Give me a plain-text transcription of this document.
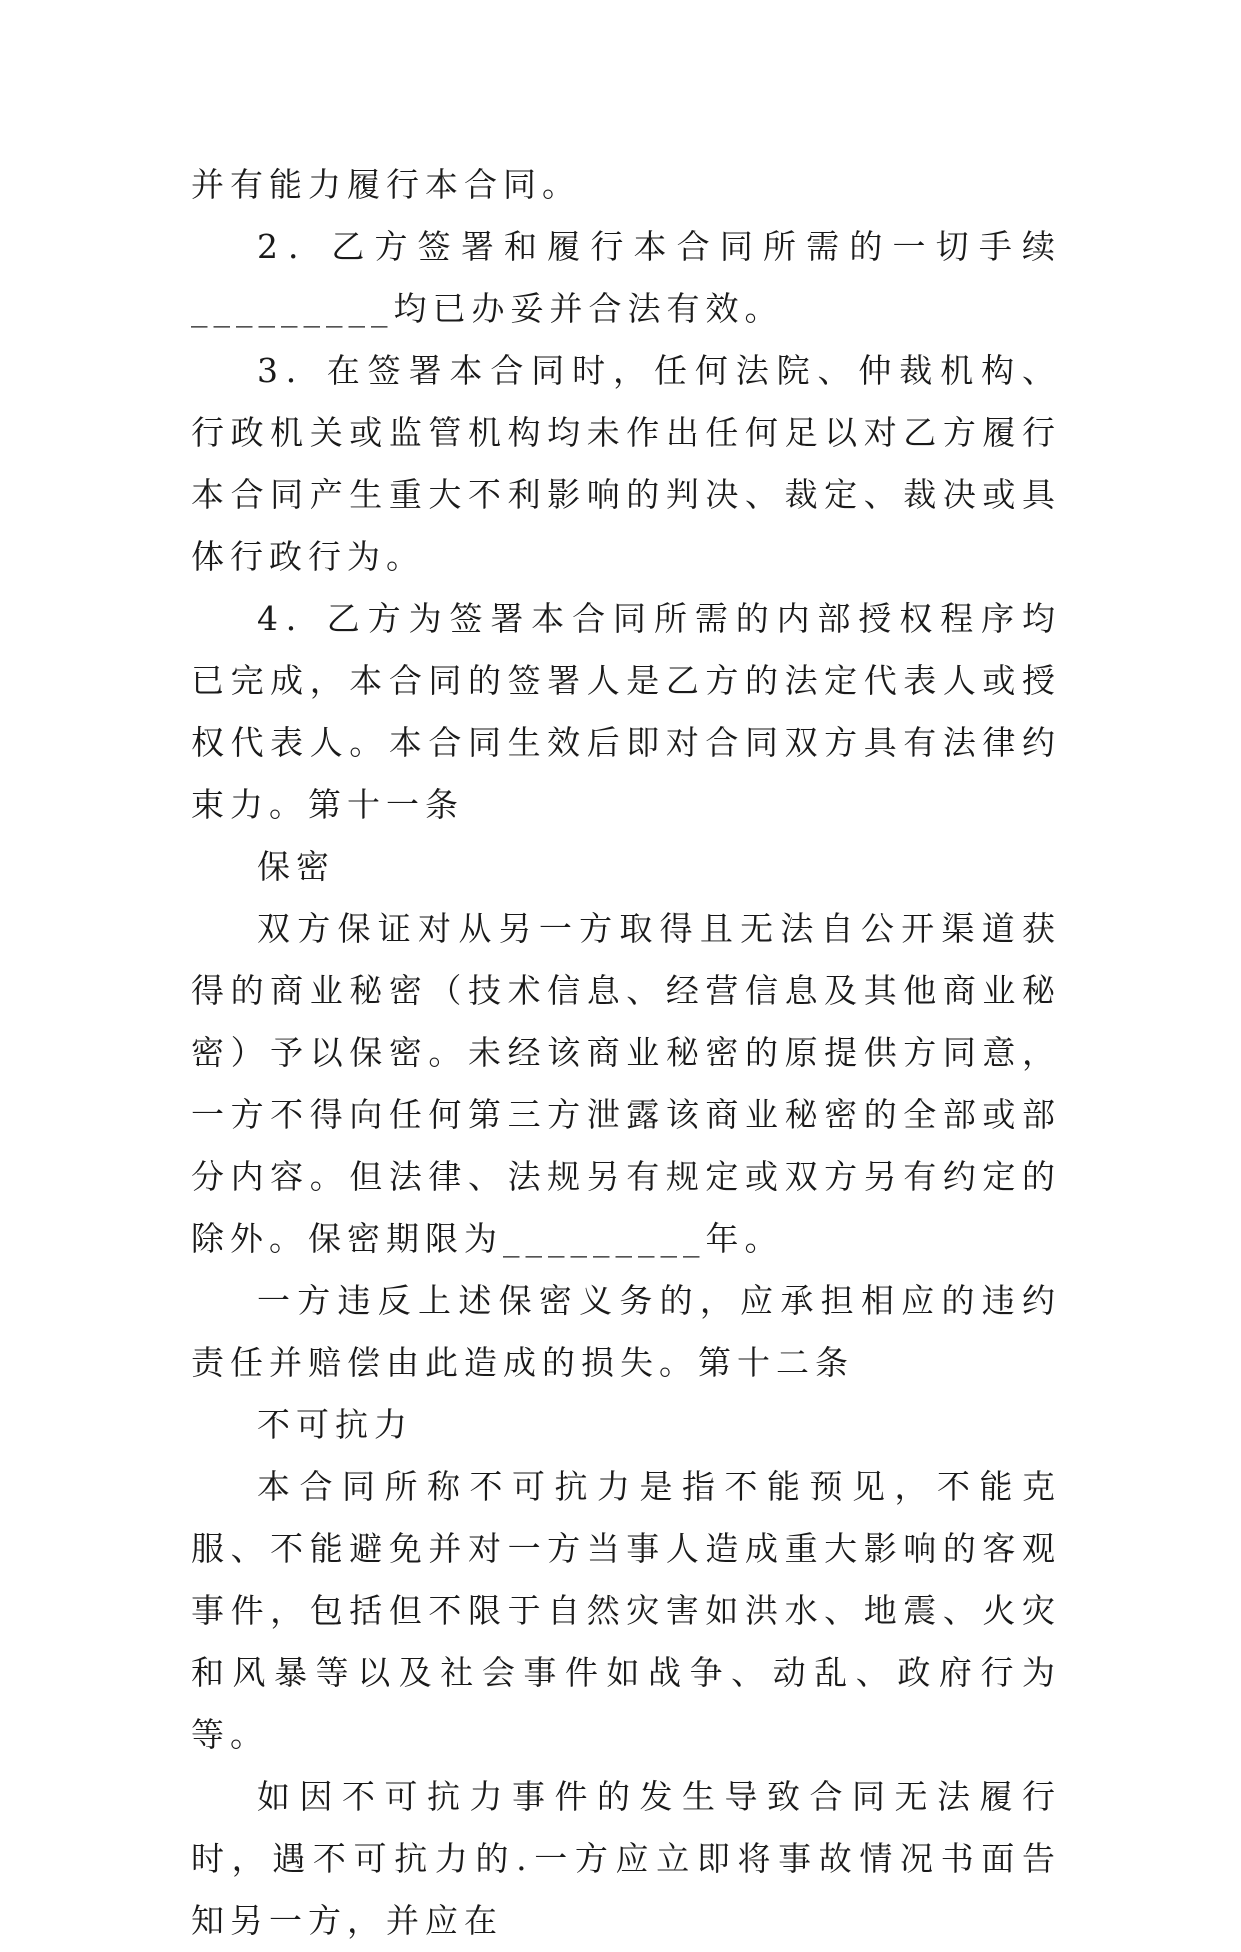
并有能力履行本合同。

2．乙方签署和履行本合同所需的一切手续_________均已办妥并合法有效。

3．在签署本合同时，任何法院、仲裁机构、行政机关或监管机构均未作出任何足以对乙方履行本合同产生重大不利影响的判决、裁定、裁决或具体行政行为。

4．乙方为签署本合同所需的内部授权程序均已完成，本合同的签署人是乙方的法定代表人或授权代表人。本合同生效后即对合同双方具有法律约束力。第十一条

保密

双方保证对从另一方取得且无法自公开渠道获得的商业秘密（技术信息、经营信息及其他商业秘密）予以保密。未经该商业秘密的原提供方同意，一方不得向任何第三方泄露该商业秘密的全部或部分内容。但法律、法规另有规定或双方另有约定的除外。保密期限为_________年。

一方违反上述保密义务的，应承担相应的违约责任并赔偿由此造成的损失。第十二条

不可抗力

本合同所称不可抗力是指不能预见，不能克服、不能避免并对一方当事人造成重大影响的客观事件，包括但不限于自然灾害如洪水、地震、火灾和风暴等以及社会事件如战争、动乱、政府行为等。

如因不可抗力事件的发生导致合同无法履行时，遇不可抗力的.一方应立即将事故情况书面告知另一方，并应在
